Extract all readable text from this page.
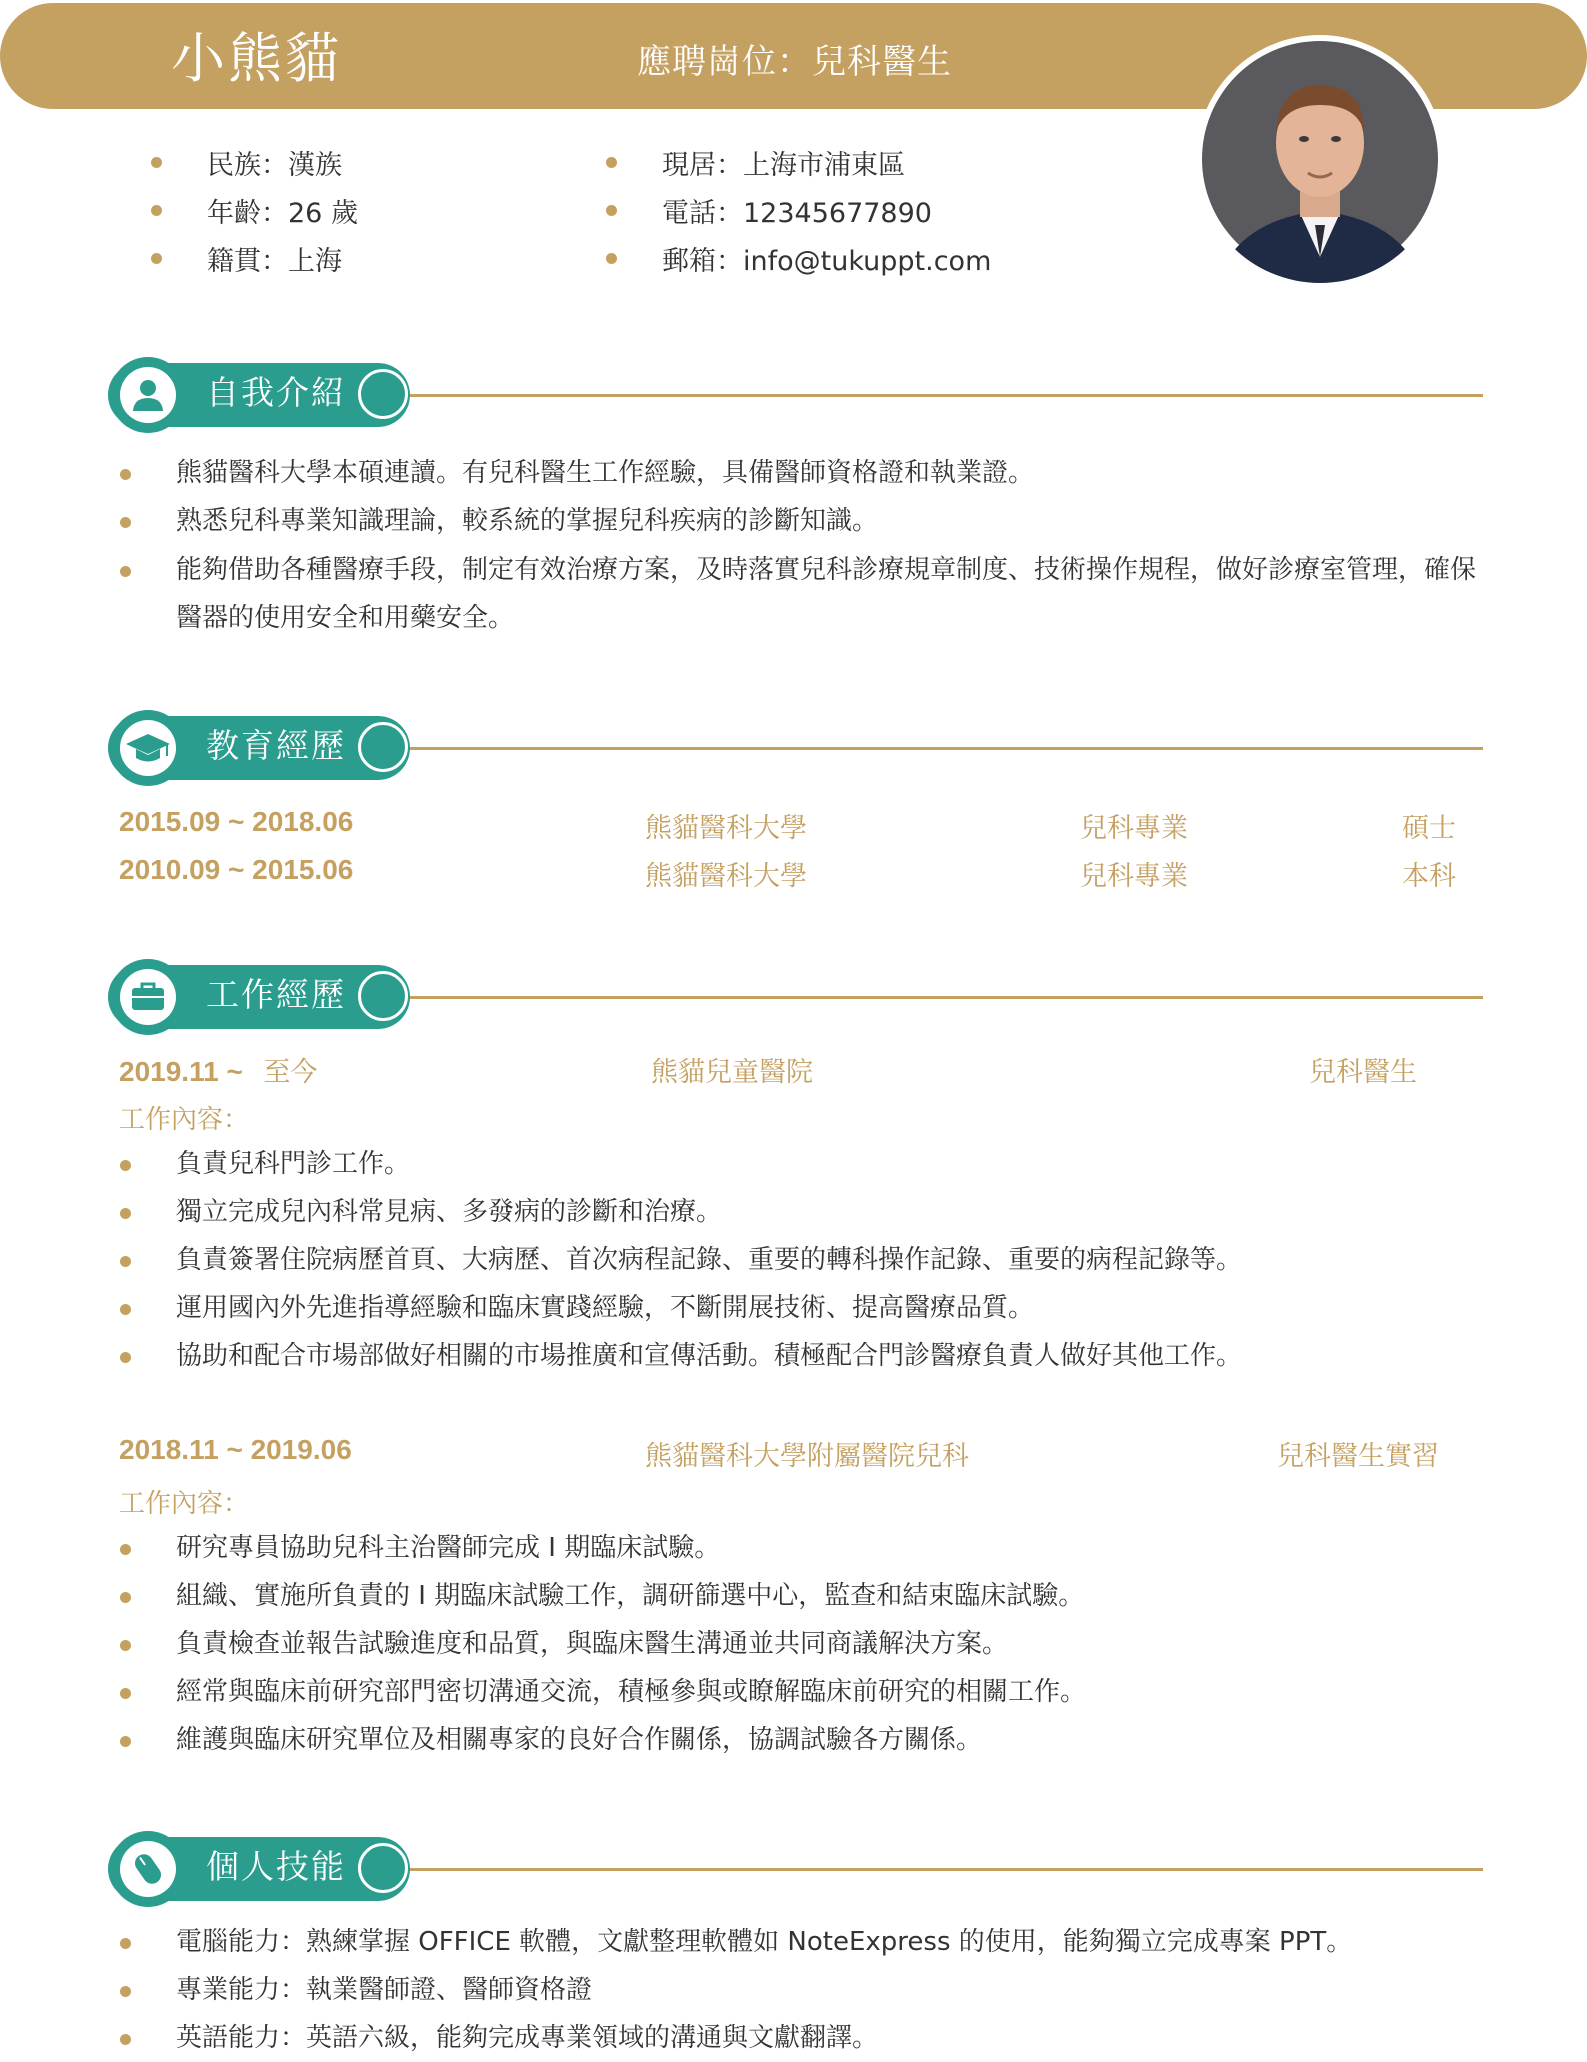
小熊貓	應聘崗位：兒科醫生
民族：漢族
年齡：26 歲
籍貫：上海
現居：上海市浦東區
電話：12345677890
郵箱：info@tukuppt.com
自我介紹
熊貓醫科大學本碩連讀。有兒科醫生工作經驗，具備醫師資格證和執業證。
熟悉兒科專業知識理論，較系統的掌握兒科疾病的診斷知識。
能夠借助各種醫療手段，制定有效治療方案，及時落實兒科診療規章制度、技術操作規程，做好診療室管理，確保醫器的使用安全和用藥安全。
教育經歷
2015.09 ~ 2018.06	熊貓醫科大學	兒科專業	碩士
2010.09 ~ 2015.06	熊貓醫科大學	兒科專業	本科
工作經歷
2019.11 ~ 至今	熊貓兒童醫院	兒科醫生
工作內容：
負責兒科門診工作。
獨立完成兒內科常見病、多發病的診斷和治療。
負責簽署住院病歷首頁、大病歷、首次病程記錄、重要的轉科操作記錄、重要的病程記錄等。
運用國內外先進指導經驗和臨床實踐經驗，不斷開展技術、提高醫療品質。
協助和配合市場部做好相關的市場推廣和宣傳活動。積極配合門診醫療負責人做好其他工作。
2018.11 ~ 2019.06	熊貓醫科大學附屬醫院兒科	兒科醫生實習
工作內容：
研究專員協助兒科主治醫師完成 I 期臨床試驗。
組織、實施所負責的 I 期臨床試驗工作，調研篩選中心，監查和結束臨床試驗。
負責檢查並報告試驗進度和品質，與臨床醫生溝通並共同商議解決方案。
經常與臨床前研究部門密切溝通交流，積極參與或瞭解臨床前研究的相關工作。
維護與臨床研究單位及相關專家的良好合作關係，協調試驗各方關係。
個人技能
電腦能力：熟練掌握 OFFICE 軟體，文獻整理軟體如 NoteExpress 的使用，能夠獨立完成專案 PPT。
專業能力：執業醫師證、醫師資格證
英語能力：英語六級，能夠完成專業領域的溝通與文獻翻譯。
